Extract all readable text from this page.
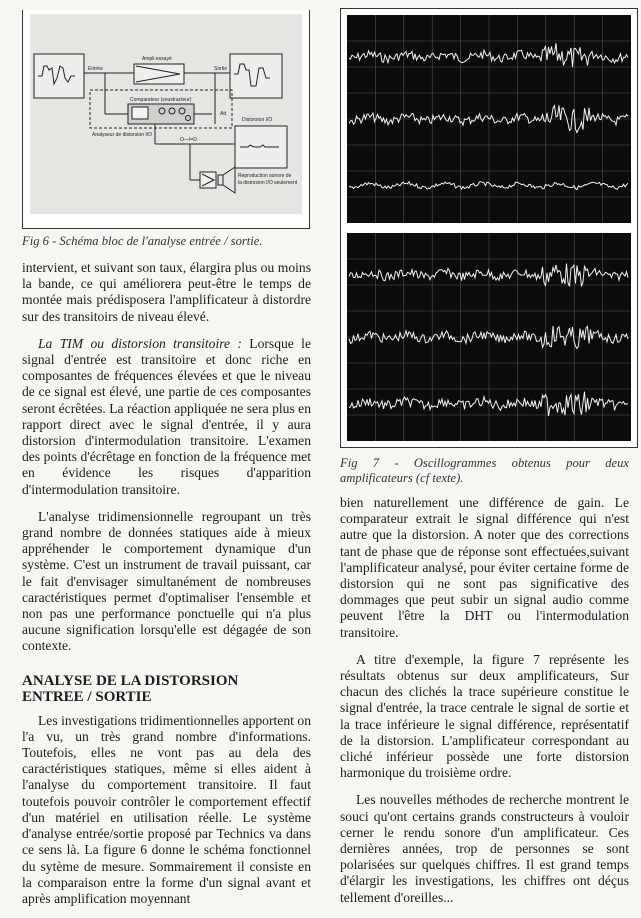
Entrée
Ampli essayé
Sortie
Comparateur (soustracteur)
Att.
Distorsion I/O
Analyseur de distorsion I/O
O—I=D
Reproduction sonore de
la distorsion I/O seulement

Fig 6 - Schéma bloc de l'analyse entrée / sortie.

intervient, et suivant son taux, élargira plus ou moins la bande, ce qui améliorera peut-être le temps de montée mais prédisposera l'amplificateur à distordre sur des transitoirs de niveau élevé.

La TIM ou distorsion transitoire : Lorsque le signal d'entrée est transitoire et donc riche en composantes de fréquences élevées et que le niveau de ce signal est élevé, une partie de ces composantes seront écrêtées. La réaction appliquée ne sera plus en rapport direct avec le signal d'entrée, il y aura distorsion d'intermodulation transitoire. L'examen des points d'écrêtage en fonction de la fréquence met en évidence les risques d'apparition d'intermodulation transitoire.

L'analyse tridimensionnelle regroupant un très grand nombre de données statiques aide à mieux appréhender le comportement dynamique d'un système. C'est un instrument de travail puissant, car le fait d'envisager simultanément de nombreuses caractéristiques permet d'optimaliser l'ensemble et non pas une performance ponctuelle qui n'a plus aucune signification lorsqu'elle est dégagée de son contexte.

ANALYSE DE LA DISTORSION
ENTREE / SORTIE

Les investigations tridimentionnelles apportent on l'a vu, un très grand nombre d'informations. Toutefois, elles ne vont pas au dela des caractéristiques statiques, même si elles aident à l'analyse du comportement transitoire. Il faut toutefois pouvoir contrôler le comportement effectif d'un matériel en utilisation réelle. Le système d'analyse entrée/sortie proposé par Technics va dans ce sens là. La figure 6 donne le schéma fonctionnel du sytème de mesure. Sommairement il consiste en la comparaison entre la forme d'un signal avant et après amplification moyennant

Fig 7 - Oscillogrammes obtenus pour deux amplificateurs (cf texte).

bien naturellement une différence de gain. Le comparateur extrait le signal différence qui n'est autre que la distorsion. A noter que des corrections tant de phase que de réponse sont effectuées,suivant l'amplificateur analysé, pour éviter certaine forme de distorsion qui ne sont pas significative des dommages que peut subir un signal audio comme peuvent l'être la DHT ou l'intermodulation transitoire.

A titre d'exemple, la figure 7 représente les résultats obtenus sur deux amplificateurs, Sur chacun des clichés la trace supérieure constitue le signal d'entrée, la trace centrale le signal de sortie et la trace inférieure le signal différence, représentatif de la distorsion. L'amplificateur correspondant au cliché inférieur possède une forte distorsion harmonique du troisième ordre.

Les nouvelles méthodes de recherche montrent le souci qu'ont certains grands constructeurs à vouloir cerner le rendu sonore d'un amplificateur. Ces dernières années, trop de personnes se sont polarisées sur quelques chiffres. Il est grand temps d'élargir les investigations, les chiffres ont déçus tellement d'oreilles...
